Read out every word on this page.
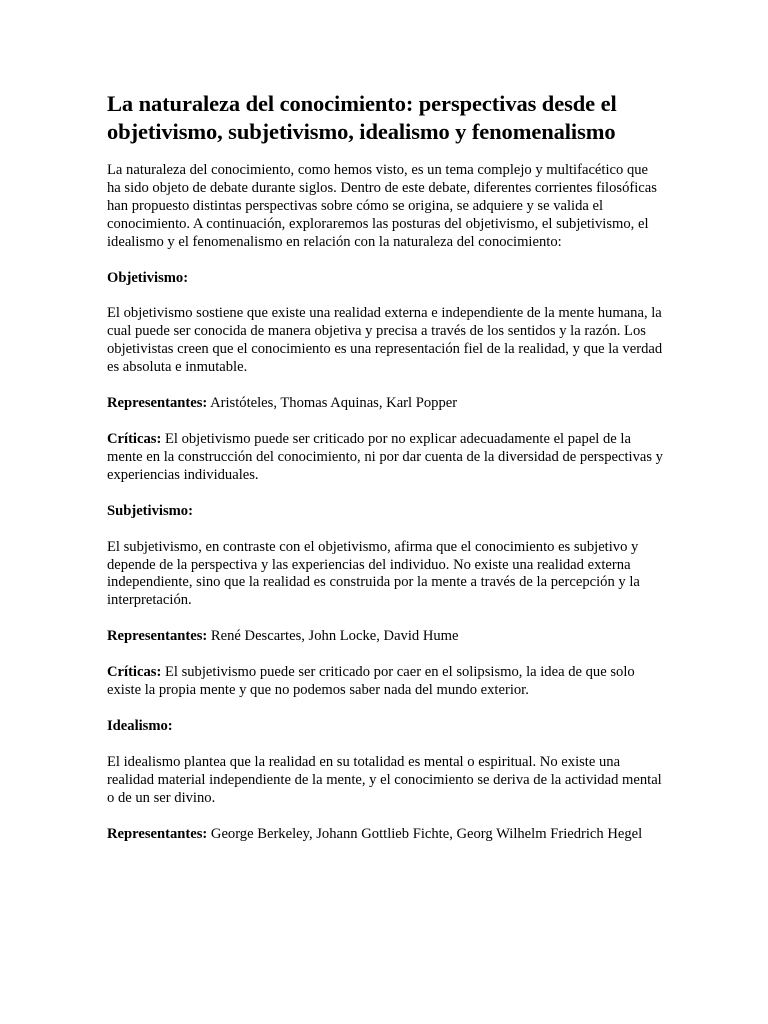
La naturaleza del conocimiento: perspectivas desde el objetivismo, subjetivismo, idealismo y fenomenalismo

La naturaleza del conocimiento, como hemos visto, es un tema complejo y multifacético que ha sido objeto de debate durante siglos. Dentro de este debate, diferentes corrientes filosóficas han propuesto distintas perspectivas sobre cómo se origina, se adquiere y se valida el conocimiento. A continuación, exploraremos las posturas del objetivismo, el subjetivismo, el idealismo y el fenomenalismo en relación con la naturaleza del conocimiento:

Objetivismo:

El objetivismo sostiene que existe una realidad externa e independiente de la mente humana, la cual puede ser conocida de manera objetiva y precisa a través de los sentidos y la razón. Los objetivistas creen que el conocimiento es una representación fiel de la realidad, y que la verdad es absoluta e inmutable.

Representantes: Aristóteles, Thomas Aquinas, Karl Popper

Críticas: El objetivismo puede ser criticado por no explicar adecuadamente el papel de la mente en la construcción del conocimiento, ni por dar cuenta de la diversidad de perspectivas y experiencias individuales.

Subjetivismo:

El subjetivismo, en contraste con el objetivismo, afirma que el conocimiento es subjetivo y depende de la perspectiva y las experiencias del individuo. No existe una realidad externa independiente, sino que la realidad es construida por la mente a través de la percepción y la interpretación.

Representantes: René Descartes, John Locke, David Hume

Críticas: El subjetivismo puede ser criticado por caer en el solipsismo, la idea de que solo existe la propia mente y que no podemos saber nada del mundo exterior.

Idealismo:

El idealismo plantea que la realidad en su totalidad es mental o espiritual. No existe una realidad material independiente de la mente, y el conocimiento se deriva de la actividad mental o de un ser divino.

Representantes: George Berkeley, Johann Gottlieb Fichte, Georg Wilhelm Friedrich Hegel
